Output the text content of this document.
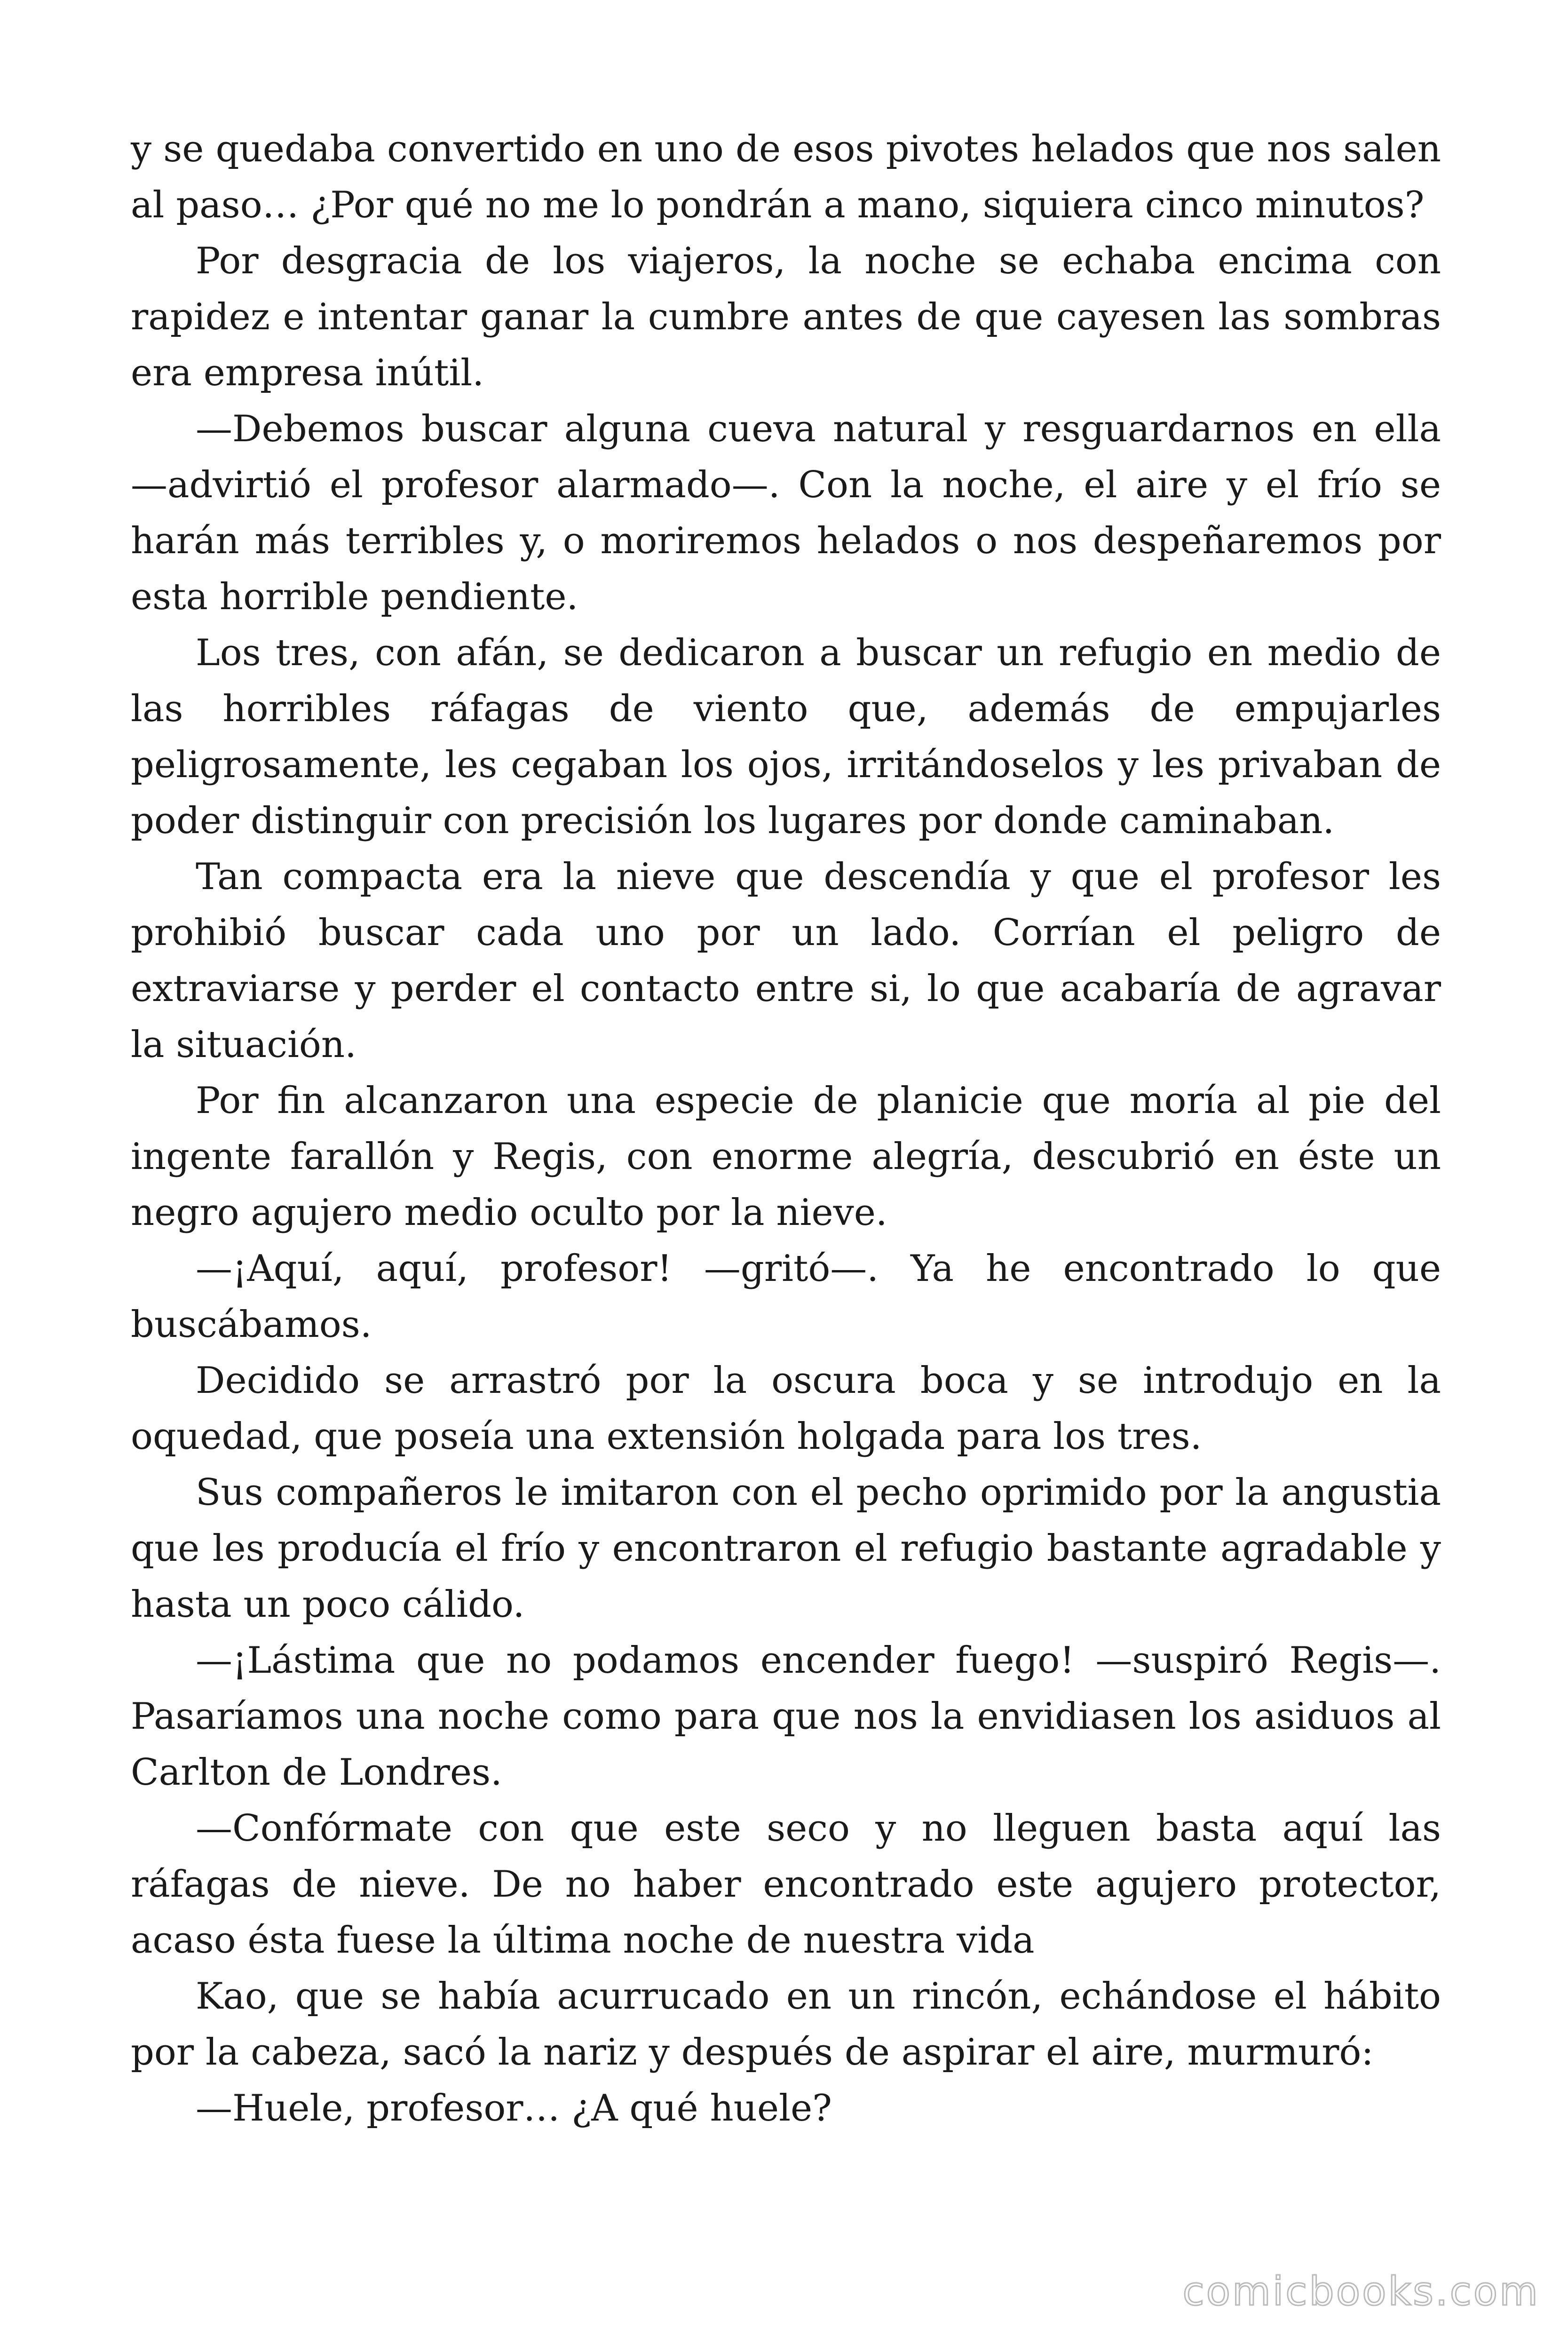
y se quedaba convertido en uno de esos pivotes helados que nos salen al paso… ¿Por qué no me lo pondrán a mano, siquiera cinco minutos?

Por desgracia de los viajeros, la noche se echaba encima con rapidez e intentar ganar la cumbre antes de que cayesen las sombras era empresa inútil.

—Debemos buscar alguna cueva natural y resguardarnos en ella —advirtió el profesor alarmado—. Con la noche, el aire y el frío se harán más terribles y, o moriremos helados o nos despeñaremos por esta horrible pendiente.

Los tres, con afán, se dedicaron a buscar un refugio en medio de las horribles ráfagas de viento que, además de empujarles peligrosamente, les cegaban los ojos, irritándoselos y les privaban de poder distinguir con precisión los lugares por donde caminaban.

Tan compacta era la nieve que descendía y que el profesor les prohibió buscar cada uno por un lado. Corrían el peligro de extraviarse y perder el contacto entre si, lo que acabaría de agravar la situación.

Por fin alcanzaron una especie de planicie que moría al pie del ingente farallón y Regis, con enorme alegría, descubrió en éste un negro agujero medio oculto por la nieve.

—¡Aquí, aquí, profesor! —gritó—. Ya he encontrado lo que buscábamos.

Decidido se arrastró por la oscura boca y se introdujo en la oquedad, que poseía una extensión holgada para los tres.

Sus compañeros le imitaron con el pecho oprimido por la angustia que les producía el frío y encontraron el refugio bastante agradable y hasta un poco cálido.

—¡Lástima que no podamos encender fuego! —suspiró Regis—. Pasaríamos una noche como para que nos la envidiasen los asiduos al Carlton de Londres.

—Confórmate con que este seco y no lleguen basta aquí las ráfagas de nieve. De no haber encontrado este agujero protector, acaso ésta fuese la última noche de nuestra vida

Kao, que se había acurrucado en un rincón, echándose el hábito por la cabeza, sacó la nariz y después de aspirar el aire, murmuró:

—Huele, profesor… ¿A qué huele?

comicbooks.com
